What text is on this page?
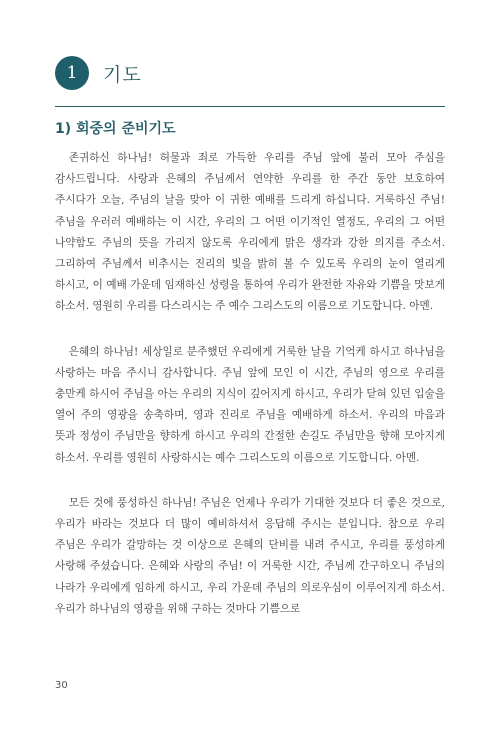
1	기도
1) 회중의 준비기도

존귀하신 하나님! 허물과 죄로 가득한 우리를 주님 앞에 불러 모아 주심을 감사드립니다. 사랑과 은혜의 주님께서 연약한 우리를 한 주간 동안 보호하여 주시다가 오늘, 주님의 날을 맞아 이 귀한 예배를 드리게 하십니다. 거룩하신 주님! 주님을 우러러 예배하는 이 시간, 우리의 그 어떤 이기적인 열정도, 우리의 그 어떤 나약함도 주님의 뜻을 가리지 않도록 우리에게 맑은 생각과 강한 의지를 주소서. 그리하여 주님께서 비추시는 진리의 빛을 밝히 볼 수 있도록 우리의 눈이 열리게 하시고, 이 예배 가운데 임재하신 성령을 통하여 우리가 완전한 자유와 기쁨을 맛보게 하소서. 영원히 우리를 다스리시는 주 예수 그리스도의 이름으로 기도합니다. 아멘.

은혜의 하나님! 세상일로 분주했던 우리에게 거룩한 날을 기억케 하시고 하나님을 사랑하는 마음 주시니 감사합니다. 주님 앞에 모인 이 시간, 주님의 영으로 우리를 충만케 하시어 주님을 아는 우리의 지식이 깊어지게 하시고, 우리가 닫혀 있던 입술을 열어 주의 영광을 송축하며, 영과 진리로 주님을 예배하게 하소서. 우리의 마음과 뜻과 정성이 주님만을 향하게 하시고 우리의 간절한 손길도 주님만을 향해 모아지게 하소서. 우리를 영원히 사랑하시는 예수 그리스도의 이름으로 기도합니다. 아멘.

모든 것에 풍성하신 하나님! 주님은 언제나 우리가 기대한 것보다 더 좋은 것으로, 우리가 바라는 것보다 더 많이 예비하셔서 응답해 주시는 분입니다. 참으로 우리 주님은 우리가 갈망하는 것 이상으로 은혜의 단비를 내려 주시고, 우리를 풍성하게 사랑해 주셨습니다. 은혜와 사랑의 주님! 이 거룩한 시간, 주님께 간구하오니 주님의 나라가 우리에게 임하게 하시고, 우리 가운데 주님의 의로우심이 이루어지게 하소서. 우리가 하나님의 영광을 위해 구하는 것마다 기쁨으로

30
